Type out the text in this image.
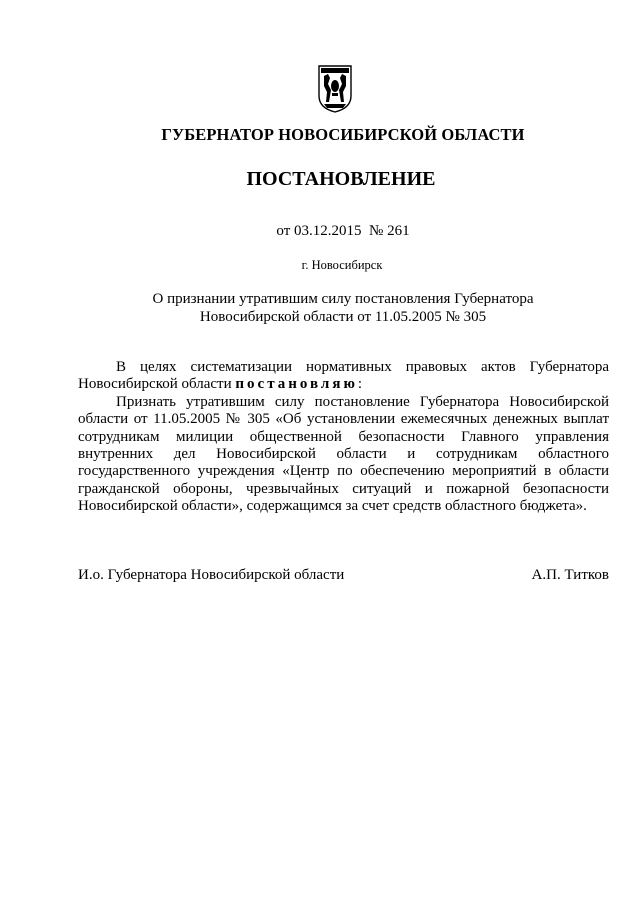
ГУБЕРНАТОР НОВОСИБИРСКОЙ ОБЛАСТИ
ПОСТАНОВЛЕНИЕ
от 03.12.2015  № 261
г. Новосибирск
О признании утратившим силу постановления Губернатора
Новосибирской области от 11.05.2005 № 305

В целях систематизации нормативных правовых актов Губернатора Новосибирской области постановляю:

Признать утратившим силу постановление Губернатора Новосибирской области от 11.05.2005 № 305 «Об установлении ежемесячных денежных выплат сотрудникам милиции общественной безопасности Главного управления внутренних дел Новосибирской области и сотрудникам областного государственного учреждения «Центр по обеспечению мероприятий в области гражданской обороны, чрезвычайных ситуаций и пожарной безопасности Новосибирской области», содержащимся за счет средств областного бюджета».

И.о. Губернатора Новосибирской области	А.П. Титков
